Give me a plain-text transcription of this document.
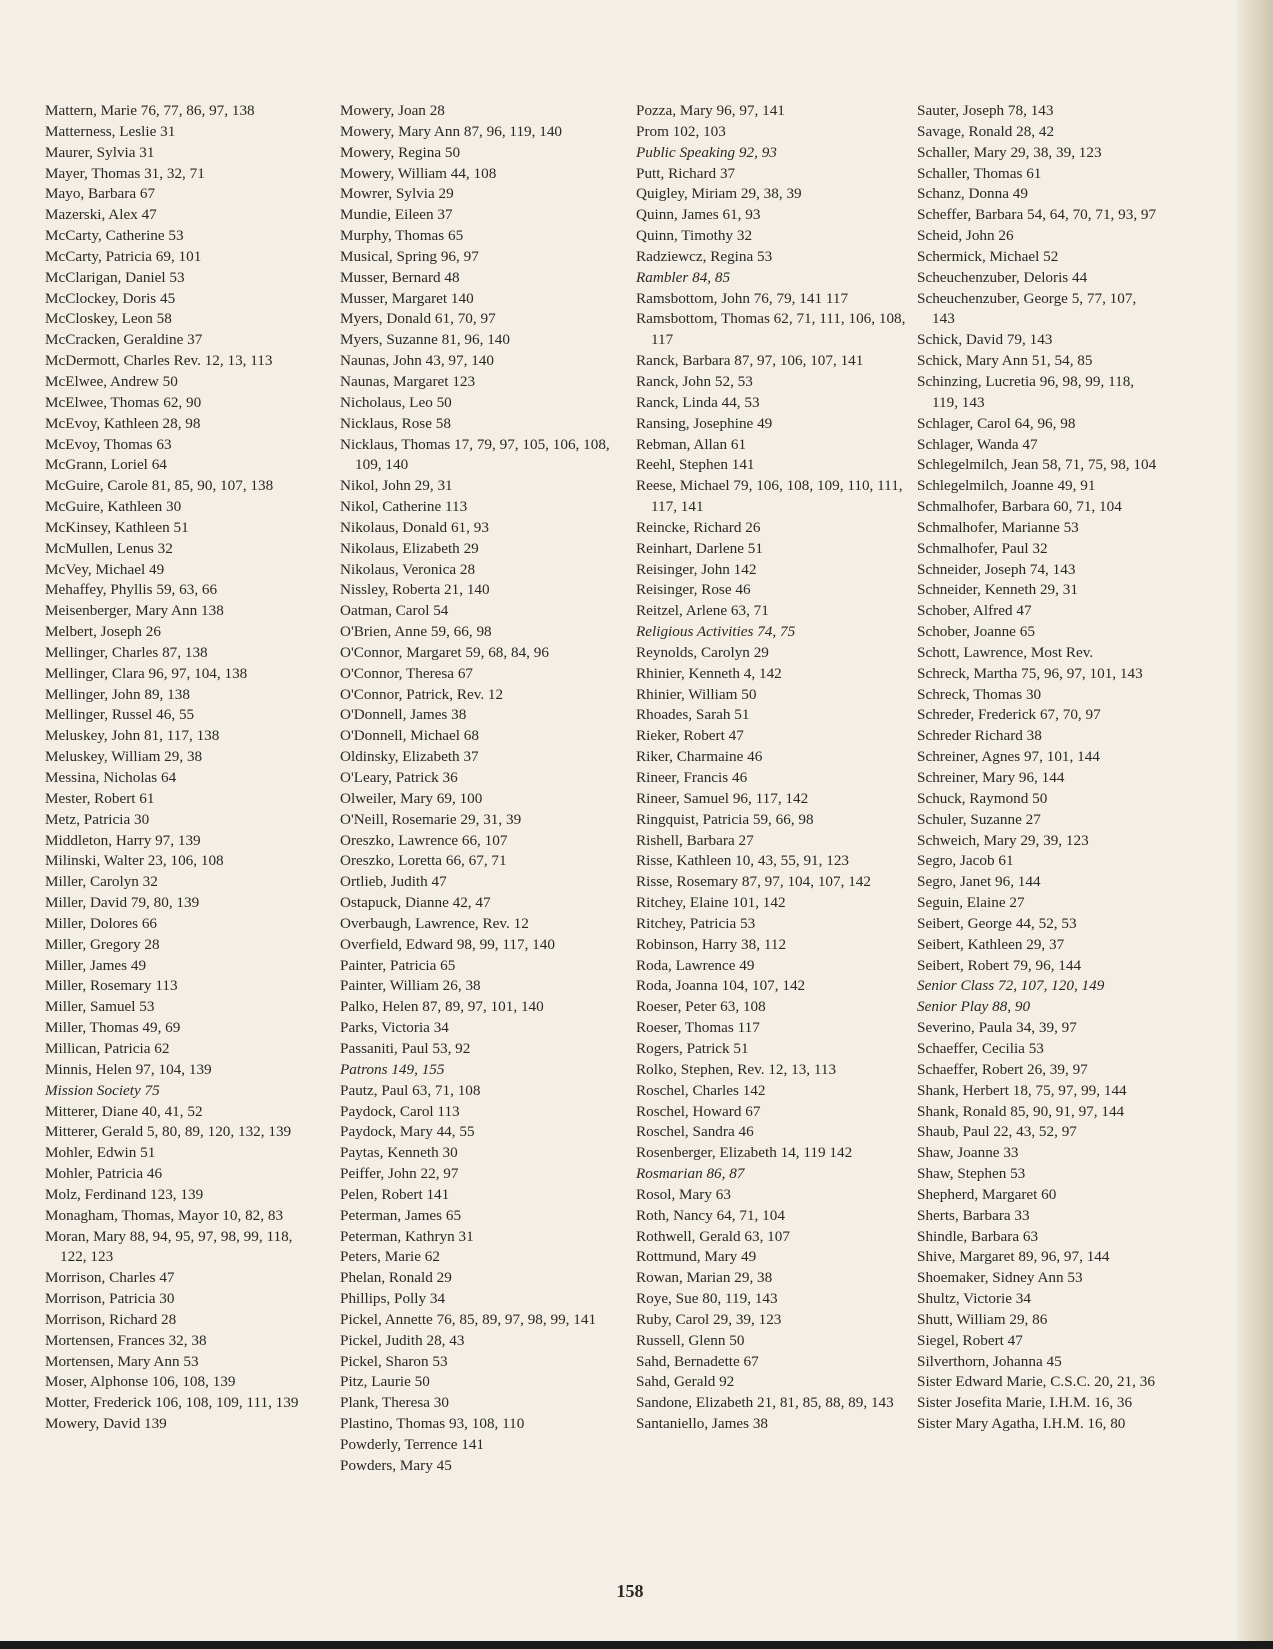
Mattern, Marie 76, 77, 86, 97, 138
Matterness, Leslie 31
Maurer, Sylvia 31
Mayer, Thomas 31, 32, 71
Mayo, Barbara 67
Mazerski, Alex 47
McCarty, Catherine 53
McCarty, Patricia 69, 101
McClarigan, Daniel 53
McClockey, Doris 45
McCloskey, Leon 58
McCracken, Geraldine 37
McDermott, Charles Rev. 12, 13, 113
McElwee, Andrew 50
McElwee, Thomas 62, 90
McEvoy, Kathleen 28, 98
McEvoy, Thomas 63
McGrann, Loriel 64
McGuire, Carole 81, 85, 90, 107, 138
McGuire, Kathleen 30
McKinsey, Kathleen 51
McMullen, Lenus 32
McVey, Michael 49
Mehaffey, Phyllis 59, 63, 66
Meisenberger, Mary Ann 138
Melbert, Joseph 26
Mellinger, Charles 87, 138
Mellinger, Clara 96, 97, 104, 138
Mellinger, John 89, 138
Mellinger, Russel 46, 55
Meluskey, John 81, 117, 138
Meluskey, William 29, 38
Messina, Nicholas 64
Mester, Robert 61
Metz, Patricia 30
Middleton, Harry 97, 139
Milinski, Walter 23, 106, 108
Miller, Carolyn 32
Miller, David 79, 80, 139
Miller, Dolores 66
Miller, Gregory 28
Miller, James 49
Miller, Rosemary 113
Miller, Samuel 53
Miller, Thomas 49, 69
Millican, Patricia 62
Minnis, Helen 97, 104, 139
Mission Society 75
Mitterer, Diane 40, 41, 52
Mitterer, Gerald 5, 80, 89, 120, 132, 139
Mohler, Edwin 51
Mohler, Patricia 46
Molz, Ferdinand 123, 139
Monagham, Thomas, Mayor 10, 82, 83
Moran, Mary 88, 94, 95, 97, 98, 99, 118, 122, 123
Morrison, Charles 47
Morrison, Patricia 30
Morrison, Richard 28
Mortensen, Frances 32, 38
Mortensen, Mary Ann 53
Moser, Alphonse 106, 108, 139
Motter, Frederick 106, 108, 109, 111, 139
Mowery, David 139
Mowery, Joan 28
Mowery, Mary Ann 87, 96, 119, 140
Mowery, Regina 50
Mowery, William 44, 108
Mowrer, Sylvia 29
Mundie, Eileen 37
Murphy, Thomas 65
Musical, Spring 96, 97
Musser, Bernard 48
Musser, Margaret 140
Myers, Donald 61, 70, 97
Myers, Suzanne 81, 96, 140
Naunas, John 43, 97, 140
Naunas, Margaret 123
Nicholaus, Leo 50
Nicklaus, Rose 58
Nicklaus, Thomas 17, 79, 97, 105, 106, 108, 109, 140
Nikol, John 29, 31
Nikol, Catherine 113
Nikolaus, Donald 61, 93
Nikolaus, Elizabeth 29
Nikolaus, Veronica 28
Nissley, Roberta 21, 140
Oatman, Carol 54
O'Brien, Anne 59, 66, 98
O'Connor, Margaret 59, 68, 84, 96
O'Connor, Theresa 67
O'Connor, Patrick, Rev. 12
O'Donnell, James 38
O'Donnell, Michael 68
Oldinsky, Elizabeth 37
O'Leary, Patrick 36
Olweiler, Mary 69, 100
O'Neill, Rosemarie 29, 31, 39
Oreszko, Lawrence 66, 107
Oreszko, Loretta 66, 67, 71
Ortlieb, Judith 47
Ostapuck, Dianne 42, 47
Overbaugh, Lawrence, Rev. 12
Overfield, Edward 98, 99, 117, 140
Painter, Patricia 65
Painter, William 26, 38
Palko, Helen 87, 89, 97, 101, 140
Parks, Victoria 34
Passaniti, Paul 53, 92
Patrons 149, 155
Pautz, Paul 63, 71, 108
Paydock, Carol 113
Paydock, Mary 44, 55
Paytas, Kenneth 30
Peiffer, John 22, 97
Pelen, Robert 141
Peterman, James 65
Peterman, Kathryn 31
Peters, Marie 62
Phelan, Ronald 29
Phillips, Polly 34
Pickel, Annette 76, 85, 89, 97, 98, 99, 141
Pickel, Judith 28, 43
Pickel, Sharon 53
Pitz, Laurie 50
Plank, Theresa 30
Plastino, Thomas 93, 108, 110
Powderly, Terrence 141
Powders, Mary 45
Pozza, Mary 96, 97, 141
Prom 102, 103
Public Speaking 92, 93
Putt, Richard 37
Quigley, Miriam 29, 38, 39
Quinn, James 61, 93
Quinn, Timothy 32
Radziewcz, Regina 53
Rambler 84, 85
Ramsbottom, John 76, 79, 141 117
Ramsbottom, Thomas 62, 71, 111, 106, 108, 117
Ranck, Barbara 87, 97, 106, 107, 141
Ranck, John 52, 53
Ranck, Linda 44, 53
Ransing, Josephine 49
Rebman, Allan 61
Reehl, Stephen 141
Reese, Michael 79, 106, 108, 109, 110, 111, 117, 141
Reincke, Richard 26
Reinhart, Darlene 51
Reisinger, John 142
Reisinger, Rose 46
Reitzel, Arlene 63, 71
Religious Activities 74, 75
Reynolds, Carolyn 29
Rhinier, Kenneth 4, 142
Rhinier, William 50
Rhoades, Sarah 51
Rieker, Robert 47
Riker, Charmaine 46
Rineer, Francis 46
Rineer, Samuel 96, 117, 142
Ringquist, Patricia 59, 66, 98
Rishell, Barbara 27
Risse, Kathleen 10, 43, 55, 91, 123
Risse, Rosemary 87, 97, 104, 107, 142
Ritchey, Elaine 101, 142
Ritchey, Patricia 53
Robinson, Harry 38, 112
Roda, Lawrence 49
Roda, Joanna 104, 107, 142
Roeser, Peter 63, 108
Roeser, Thomas 117
Rogers, Patrick 51
Rolko, Stephen, Rev. 12, 13, 113
Roschel, Charles 142
Roschel, Howard 67
Roschel, Sandra 46
Rosenberger, Elizabeth 14, 119 142
Rosmarian 86, 87
Rosol, Mary 63
Roth, Nancy 64, 71, 104
Rothwell, Gerald 63, 107
Rottmund, Mary 49
Rowan, Marian 29, 38
Roye, Sue 80, 119, 143
Ruby, Carol 29, 39, 123
Russell, Glenn 50
Sahd, Bernadette 67
Sahd, Gerald 92
Sandone, Elizabeth 21, 81, 85, 88, 89, 143
Santaniello, James 38
Sauter, Joseph 78, 143
Savage, Ronald 28, 42
Schaller, Mary 29, 38, 39, 123
Schaller, Thomas 61
Schanz, Donna 49
Scheffer, Barbara 54, 64, 70, 71, 93, 97
Scheid, John 26
Schermick, Michael 52
Scheuchenzuber, Deloris 44
Scheuchenzuber, George 5, 77, 107, 143
Schick, David 79, 143
Schick, Mary Ann 51, 54, 85
Schinzing, Lucretia 96, 98, 99, 118, 119, 143
Schlager, Carol 64, 96, 98
Schlager, Wanda 47
Schlegelmilch, Jean 58, 71, 75, 98, 104
Schlegelmilch, Joanne 49, 91
Schmalhofer, Barbara 60, 71, 104
Schmalhofer, Marianne 53
Schmalhofer, Paul 32
Schneider, Joseph 74, 143
Schneider, Kenneth 29, 31
Schober, Alfred 47
Schober, Joanne 65
Schott, Lawrence, Most Rev.
Schreck, Martha 75, 96, 97, 101, 143
Schreck, Thomas 30
Schreder, Frederick 67, 70, 97
Schreder Richard 38
Schreiner, Agnes 97, 101, 144
Schreiner, Mary 96, 144
Schuck, Raymond 50
Schuler, Suzanne 27
Schweich, Mary 29, 39, 123
Segro, Jacob 61
Segro, Janet 96, 144
Seguin, Elaine 27
Seibert, George 44, 52, 53
Seibert, Kathleen 29, 37
Seibert, Robert 79, 96, 144
Senior Class 72, 107, 120, 149
Senior Play 88, 90
Severino, Paula 34, 39, 97
Schaeffer, Cecilia 53
Schaeffer, Robert 26, 39, 97
Shank, Herbert 18, 75, 97, 99, 144
Shank, Ronald 85, 90, 91, 97, 144
Shaub, Paul 22, 43, 52, 97
Shaw, Joanne 33
Shaw, Stephen 53
Shepherd, Margaret 60
Sherts, Barbara 33
Shindle, Barbara 63
Shive, Margaret 89, 96, 97, 144
Shoemaker, Sidney Ann 53
Shultz, Victorie 34
Shutt, William 29, 86
Siegel, Robert 47
Silverthorn, Johanna 45
Sister Edward Marie, C.S.C. 20, 21, 36
Sister Josefita Marie, I.H.M. 16, 36
Sister Mary Agatha, I.H.M. 16, 80
158
